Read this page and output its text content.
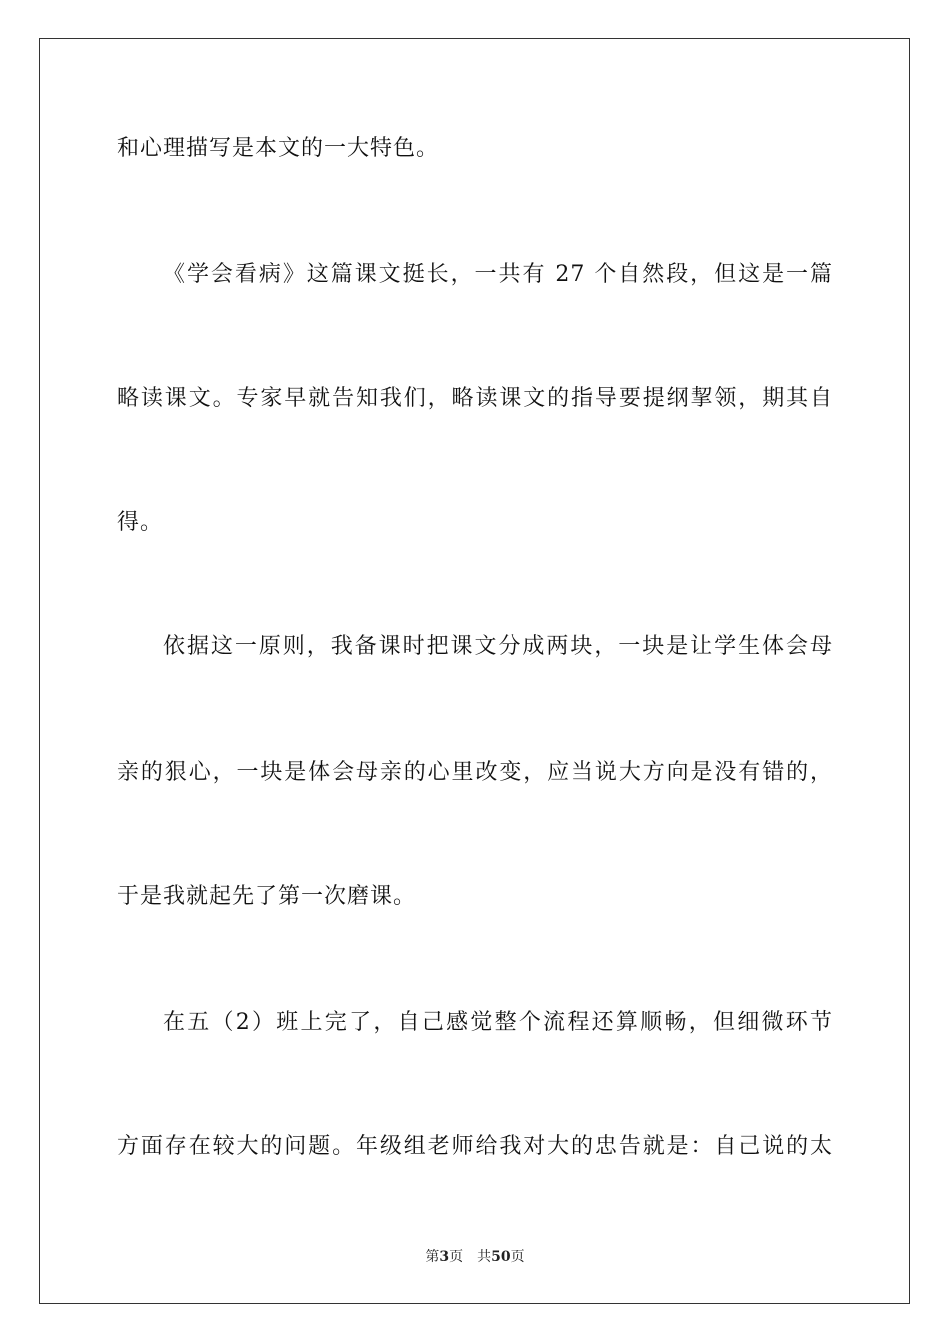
和心理描写是本文的一大特色。
《学会看病》这篇课文挺长，一共有 27 个自然段，但这是一篇
略读课文。专家早就告知我们，略读课文的指导要提纲挈领，期其自
得。
依据这一原则，我备课时把课文分成两块，一块是让学生体会母
亲的狠心，一块是体会母亲的心里改变，应当说大方向是没有错的，
于是我就起先了第一次磨课。
在五（2）班上完了，自己感觉整个流程还算顺畅，但细微环节
方面存在较大的问题。年级组老师给我对大的忠告就是：自己说的太
第3页 共50页
